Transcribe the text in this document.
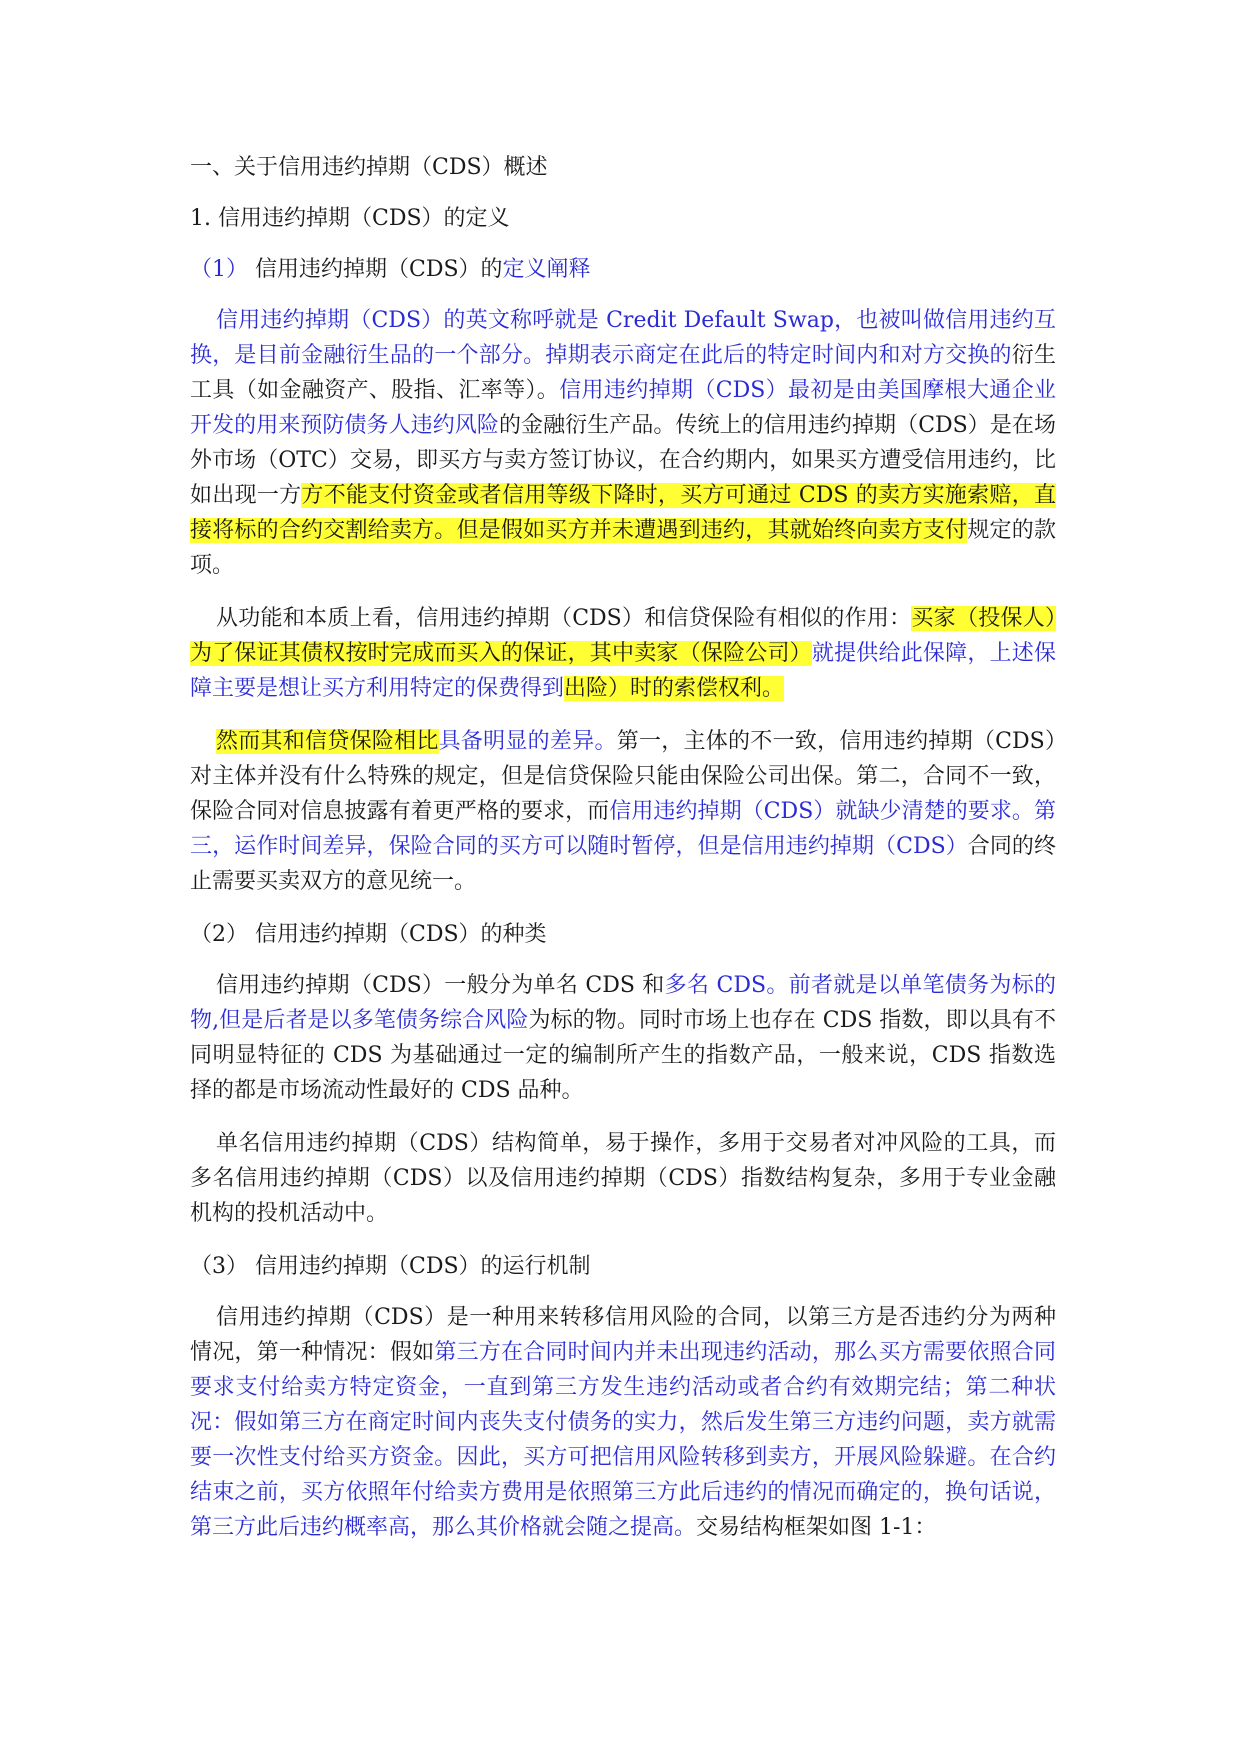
一、关于信用违约掉期（CDS）概述
1. 信用违约掉期（CDS）的定义
（1） 信用违约掉期（CDS）的定义阐释

信用违约掉期（CDS）的英文称呼就是 Credit Default Swap，也被叫做信用违约互换，是目前金融衍生品的一个部分。掉期表示商定在此后的特定时间内和对方交换的衍生工具（如金融资产、股指、汇率等）。信用违约掉期（CDS）最初是由美国摩根大通企业开发的用来预防债务人违约风险的金融衍生产品。传统上的信用违约掉期（CDS）是在场外市场（OTC）交易，即买方与卖方签订协议，在合约期内，如果买方遭受信用违约，比如出现一方方不能支付资金或者信用等级下降时，买方可通过 CDS 的卖方实施索赔，直接将标的合约交割给卖方。但是假如买方并未遭遇到违约，其就始终向卖方支付规定的款项。

从功能和本质上看，信用违约掉期（CDS）和信贷保险有相似的作用：买家（投保人）为了保证其债权按时完成而买入的保证，其中卖家（保险公司）就提供给此保障，上述保障主要是想让买方利用特定的保费得到出险）时的索偿权利。

然而其和信贷保险相比具备明显的差异。第一，主体的不一致，信用违约掉期（CDS）对主体并没有什么特殊的规定，但是信贷保险只能由保险公司出保。第二，合同不一致，保险合同对信息披露有着更严格的要求，而信用违约掉期（CDS）就缺少清楚的要求。第三，运作时间差异，保险合同的买方可以随时暂停，但是信用违约掉期（CDS）合同的终止需要买卖双方的意见统一。

（2） 信用违约掉期（CDS）的种类

信用违约掉期（CDS）一般分为单名 CDS 和多名 CDS。前者就是以单笔债务为标的物,但是后者是以多笔债务综合风险为标的物。同时市场上也存在 CDS 指数，即以具有不同明显特征的 CDS 为基础通过一定的编制所产生的指数产品，一般来说，CDS 指数选择的都是市场流动性最好的 CDS 品种。

单名信用违约掉期（CDS）结构简单，易于操作，多用于交易者对冲风险的工具，而多名信用违约掉期（CDS）以及信用违约掉期（CDS）指数结构复杂，多用于专业金融机构的投机活动中。

（3） 信用违约掉期（CDS）的运行机制

信用违约掉期（CDS）是一种用来转移信用风险的合同，以第三方是否违约分为两种情况，第一种情况：假如第三方在合同时间内并未出现违约活动，那么买方需要依照合同要求支付给卖方特定资金，一直到第三方发生违约活动或者合约有效期完结；第二种状况：假如第三方在商定时间内丧失支付债务的实力，然后发生第三方违约问题，卖方就需要一次性支付给买方资金。因此，买方可把信用风险转移到卖方，开展风险躲避。在合约结束之前，买方依照年付给卖方费用是依照第三方此后违约的情况而确定的，换句话说，第三方此后违约概率高，那么其价格就会随之提高。交易结构框架如图 1-1：
